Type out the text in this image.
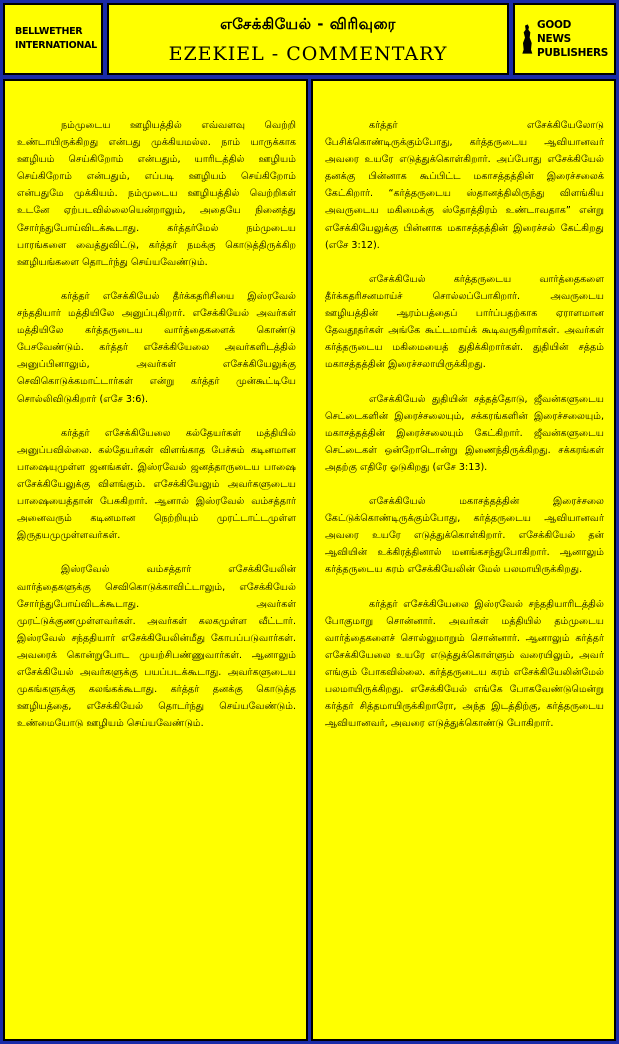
BELLWETHER
INTERNATIONAL
எசேக்கியேல் - விரிவுரை
EZEKIEL - COMMENTARY
GOOD NEWS
PUBLISHERS

நம்முடைய ஊழியத்தில் எவ்வளவு வெற்றி உண்டாயிருக்கிறது என்பது முக்கியமல்ல. நாம் யாருக்காக ஊழியம் செய்கிறோம் என்பதும், யாரிடத்தில் ஊழியம் செய்கிறோம் என்பதும், எப்படி ஊழியம் செய்கிறோம் என்பதுமே முக்கியம். நம்முடைய ஊழியத்தில் வெற்றிகள் உடனே ஏற்படவில்லையென்றாலும், அதையே நினைத்து சோர்ந்துபோய்விடக்கூடாது. கர்த்தர்மேல் நம்முடைய பாரங்களை வைத்துவிட்டு, கர்த்தர் நமக்கு கொடுத்திருக்கிற ஊழியங்களை தொடர்ந்து செய்யவேண்டும்.

கர்த்தர் எசேக்கியேல் தீர்க்கதரிசியை இஸ்ரவேல் சந்ததியார் மத்தியிலே அனுப்புகிறார். எசேக்கியேல் அவர்கள் மத்தியிலே கர்த்தருடைய வார்த்தைகளைக் கொண்டு பேசவேண்டும். கர்த்தர் எசேக்கியேலை அவர்களிடத்தில் அனுப்பினாலும், அவர்கள் எசேக்கியேலுக்கு செவிகொடுக்கமாட்டார்கள் என்று கர்த்தர் முன்கூட்டியே சொல்லிவிடுகிறார் (எசே 3:6).

கர்த்தர் எசேக்கியேலை கல்தேயர்கள் மத்தியில் அனுப்பவில்லை. கல்தேயர்கள் விளங்காத பேச்சும் கடினமான பாஷையுமுள்ள ஜனங்கள். இஸ்ரவேல் ஜனத்தாருடைய பாஷை எசேக்கியேலுக்கு விளங்கும். எசேக்கியேலும் அவர்களுடைய பாஷையைத்தான் பேசுகிறார். ஆனால் இஸ்ரவேல் வம்சத்தார் அனைவரும் கடினமான நெற்றியும் முரட்டாட்டமுள்ள இருதயமுமுள்ளவர்கள்.

இஸ்ரவேல் வம்சத்தார் எசேக்கியேலின் வார்த்தைகளுக்கு செவிகொடுக்காவிட்டாலும், எசேக்கியேல் சோர்ந்துபோய்விடக்கூடாது. அவர்கள் முரட்டுக்குணமுள்ளவர்கள். அவர்கள் கலகமுள்ள வீட்டார். இஸ்ரவேல் சந்ததியார் எசேக்கியேலின்மீது கோபப்படுவார்கள். அவரைக் கொன்றுபோட முயற்சிபண்ணுவார்கள். ஆனாலும் எசேக்கியேல் அவர்களுக்கு பயப்படக்கூடாது. அவர்களுடைய முகங்களுக்கு கலங்கக்கூடாது. கர்த்தர் தனக்கு கொடுத்த ஊழியத்தை, எசேக்கியேல் தொடர்ந்து செய்யவேண்டும். உண்மையோடு ஊழியம் செய்யவேண்டும்.

கர்த்தர் எசேக்கியேலோடு பேசிக்கொண்டிருக்கும்போது, கர்த்தருடைய ஆவியானவர் அவரை உயரே எடுத்துக்கொள்கிறார். அப்போது எசேக்கியேல் தனக்கு பின்னாக கூப்பிட்ட மகாசத்தத்தின் இரைச்சலைக் கேட்கிறார். “கர்த்தருடைய ஸ்தானத்திலிருந்து விளங்கிய அவருடைய மகிமைக்கு ஸ்தோத்திரம் உண்டாவதாக” என்று எசேக்கியேலுக்கு பின்னாக மகாசத்தத்தின் இரைச்சல் கேட்கிறது (எசே 3:12).

எசேக்கியேல் கர்த்தருடைய வார்த்தைகளை தீர்க்கதரிசனமாய்ச் சொல்லப்போகிறார். அவருடைய ஊழியத்தின் ஆரம்பத்தைப் பார்ப்பதற்காக ஏராளமான தேவதூதர்கள் அங்கே கூட்டமாய்க் கூடிவருகிறார்கள். அவர்கள் கர்த்தருடைய மகிமையைத் துதிக்கிறார்கள். துதியின் சத்தம் மகாசத்தத்தின் இரைச்சலாயிருக்கிறது.

எசேக்கியேல் துதியின் சத்தத்தோடு, ஜீவன்களுடைய செட்டைகளின் இரைச்சலையும், சக்கரங்களின் இரைச்சலையும், மகாசத்தத்தின் இரைச்சலையும் கேட்கிறார். ஜீவன்களுடைய செட்டைகள் ஒன்றோடொன்று இணைந்திருக்கிறது. சக்கரங்கள் அதற்கு எதிரே ஓடுகிறது (எசே 3:13).

எசேக்கியேல் மகாசத்தத்தின் இரைச்சலை கேட்டுக்கொண்டிருக்கும்போது, கர்த்தருடைய ஆவியானவர் அவரை உயரே எடுத்துக்கொள்கிறார். எசேக்கியேல் தன் ஆவியின் உக்கிரத்தினால் மனங்கசந்துபோகிறார். ஆனாலும் கர்த்தருடைய கரம் எசேக்கியேலின் மேல் பலமாயிருக்கிறது.

கர்த்தர் எசேக்கியேலை இஸ்ரவேல் சந்ததியாரிடத்தில் போகுமாறு சொன்னார். அவர்கள் மத்தியில் தம்முடைய வார்த்தைகளைச் சொல்லுமாறும் சொன்னார். ஆனாலும் கர்த்தர் எசேக்கியேலை உயரே எடுத்துக்கொள்ளும் வரையிலும், அவர் எங்கும் போகவில்லை. கர்த்தருடைய கரம் எசேக்கியேலின்மேல் பலமாயிருக்கிறது. எசேக்கியேல் எங்கே போகவேண்டுமென்று கர்த்தர் சித்தமாயிருக்கிறாரோ, அந்த இடத்திற்கு, கர்த்தருடைய ஆவியானவர், அவரை எடுத்துக்கொண்டு போகிறார்.
